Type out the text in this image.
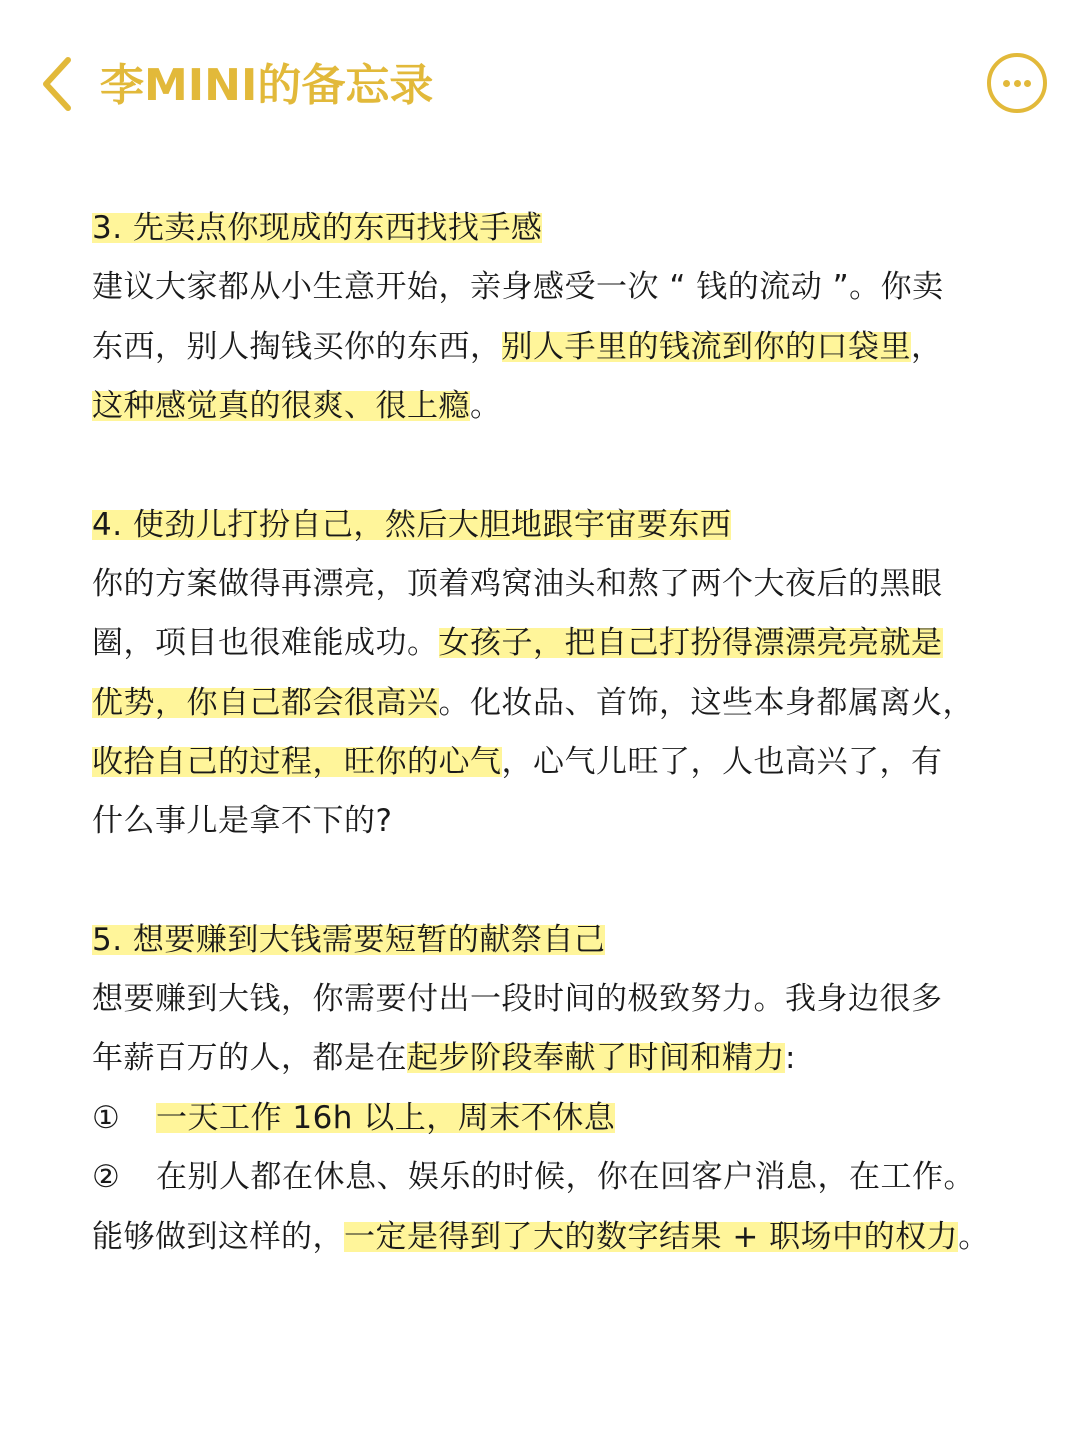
李MINI的备忘录

3. 先卖点你现成的东西找找手感

建议大家都从小生意开始，亲身感受一次 “ 钱的流动 ”。你卖

东西，别人掏钱买你的东西，别人手里的钱流到你的口袋里，

这种感觉真的很爽、很上瘾。

4. 使劲儿打扮自己，然后大胆地跟宇宙要东西

你的方案做得再漂亮，顶着鸡窝油头和熬了两个大夜后的黑眼

圈，项目也很难能成功。女孩子，把自己打扮得漂漂亮亮就是

优势，你自己都会很高兴。化妆品、首饰，这些本身都属离火，

收拾自己的过程，旺你的心气，心气儿旺了，人也高兴了，有

什么事儿是拿不下的?

5. 想要赚到大钱需要短暂的献祭自己

想要赚到大钱，你需要付出一段时间的极致努力。我身边很多

年薪百万的人，都是在起步阶段奉献了时间和精力:

① 一天工作 16h 以上，周末不休息

② 在别人都在休息、娱乐的时候，你在回客户消息，在工作。

能够做到这样的，一定是得到了大的数字结果 + 职场中的权力。
